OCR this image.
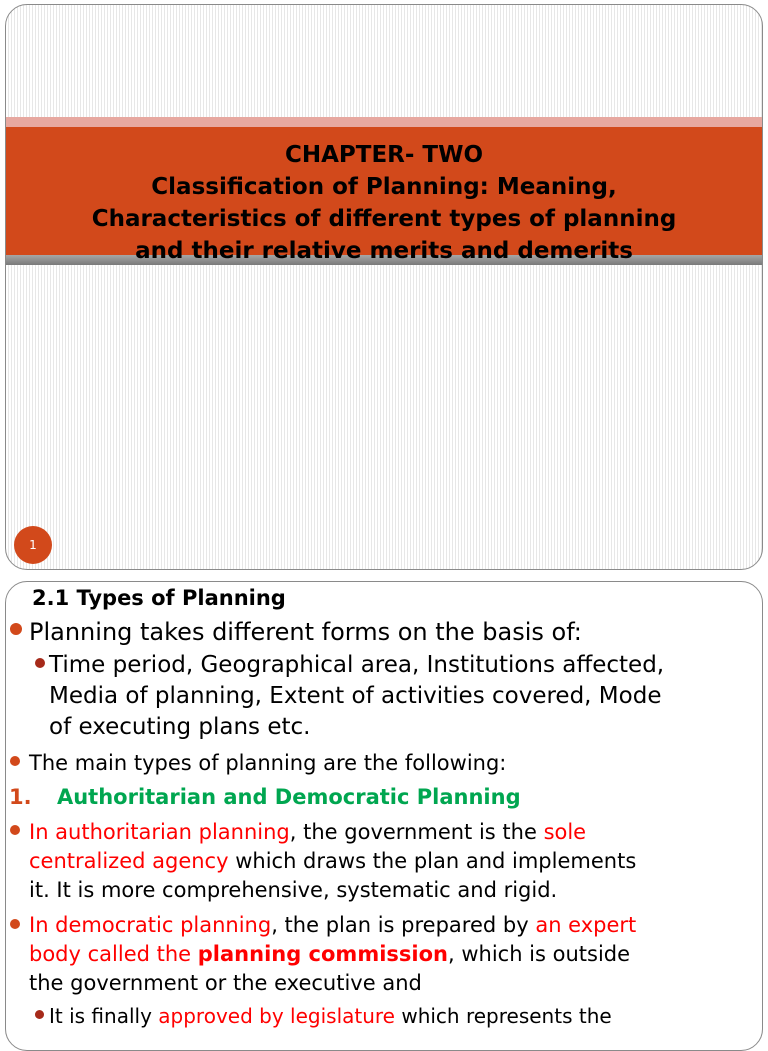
CHAPTER- TWO
Classification of Planning: Meaning,
Characteristics of different types of planning
and their relative merits and demerits
1
2.1 Types of Planning
Planning takes different forms on the basis of:
Time period, Geographical area, Institutions affected,
Media of planning, Extent of activities covered, Mode
of executing plans etc.
The main types of planning are the following:
1. Authoritarian and Democratic Planning
In authoritarian planning, the government is the sole
centralized agency which draws the plan and implements
it. It is more comprehensive, systematic and rigid.
In democratic planning, the plan is prepared by an expert
body called the planning commission, which is outside
the government or the executive and
It is finally approved by legislature which represents the
